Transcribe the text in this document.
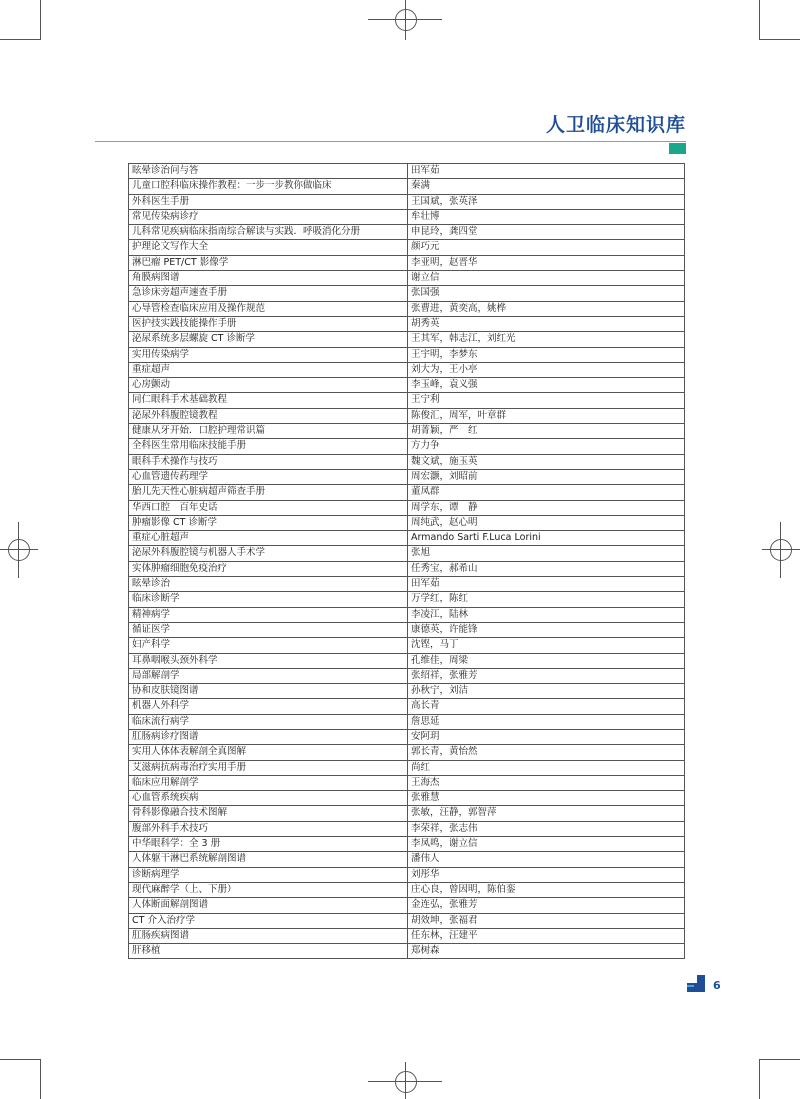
人卫临床知识库
眩晕诊治问与答	田军茹
儿童口腔科临床操作教程：一步一步教你做临床	秦满
外科医生手册	王国斌，张英泽
常见传染病诊疗	牟壮博
儿科常见疾病临床指南综合解读与实践．呼吸消化分册	申昆玲，龚四堂
护理论文写作大全	颜巧元
淋巴瘤 PET/CT 影像学	李亚明，赵晋华
角膜病图谱	谢立信
急诊床旁超声速查手册	张国强
心导管检查临床应用及操作规范	张曹进，黄奕高，姚桦
医护技实践技能操作手册	胡秀英
泌尿系统多层螺旋 CT 诊断学	王其军，韩志江，刘红光
实用传染病学	王宇明，李梦东
重症超声	刘大为，王小亭
心房颤动	李玉峰，袁义强
同仁眼科手术基础教程	王宁利
泌尿外科腹腔镜教程	陈俊汇，周军，叶章群
健康从牙开始．口腔护理常识篇	胡菁颖，严　红
全科医生常用临床技能手册	方力争
眼科手术操作与技巧	魏文斌，施玉英
心血管遗传药理学	周宏灏，刘昭前
胎儿先天性心脏病超声筛查手册	董凤群
华西口腔　百年史话	周学东，谭　静
肿瘤影像 CT 诊断学	周纯武，赵心明
重症心脏超声	Armando Sarti F.Luca Lorini
泌尿外科腹腔镜与机器人手术学	张旭
实体肿瘤细胞免疫治疗	任秀宝，郝希山
眩晕诊治	田军茹
临床诊断学	万学红，陈红
精神病学	李凌江，陆林
循证医学	康德英，许能锋
妇产科学	沈铿，马丁
耳鼻咽喉头颈外科学	孔维佳，周梁
局部解剖学	张绍祥，张雅芳
协和皮肤镜图谱	孙秋宁，刘洁
机器人外科学	高长青
临床流行病学	詹思延
肛肠病诊疗图谱	安阿玥
实用人体体表解剖全真图解	郭长青，黄怡然
艾滋病抗病毒治疗实用手册	尚红
临床应用解剖学	王海杰
心血管系统疾病	张雅慧
骨科影像融合技术图解	张敏，汪静，郭智萍
腹部外科手术技巧	李荣祥，张志伟
中华眼科学：全 3 册	李凤鸣，谢立信
人体躯干淋巴系统解剖图谱	潘伟人
诊断病理学	刘彤华
现代麻醉学（上、下册）	庄心良，曾因明，陈伯銮
人体断面解剖图谱	金连弘，张雅芳
CT 介入治疗学	胡效坤，张福君
肛肠疾病图谱	任东林，汪建平
肝移植	郑树森
6
